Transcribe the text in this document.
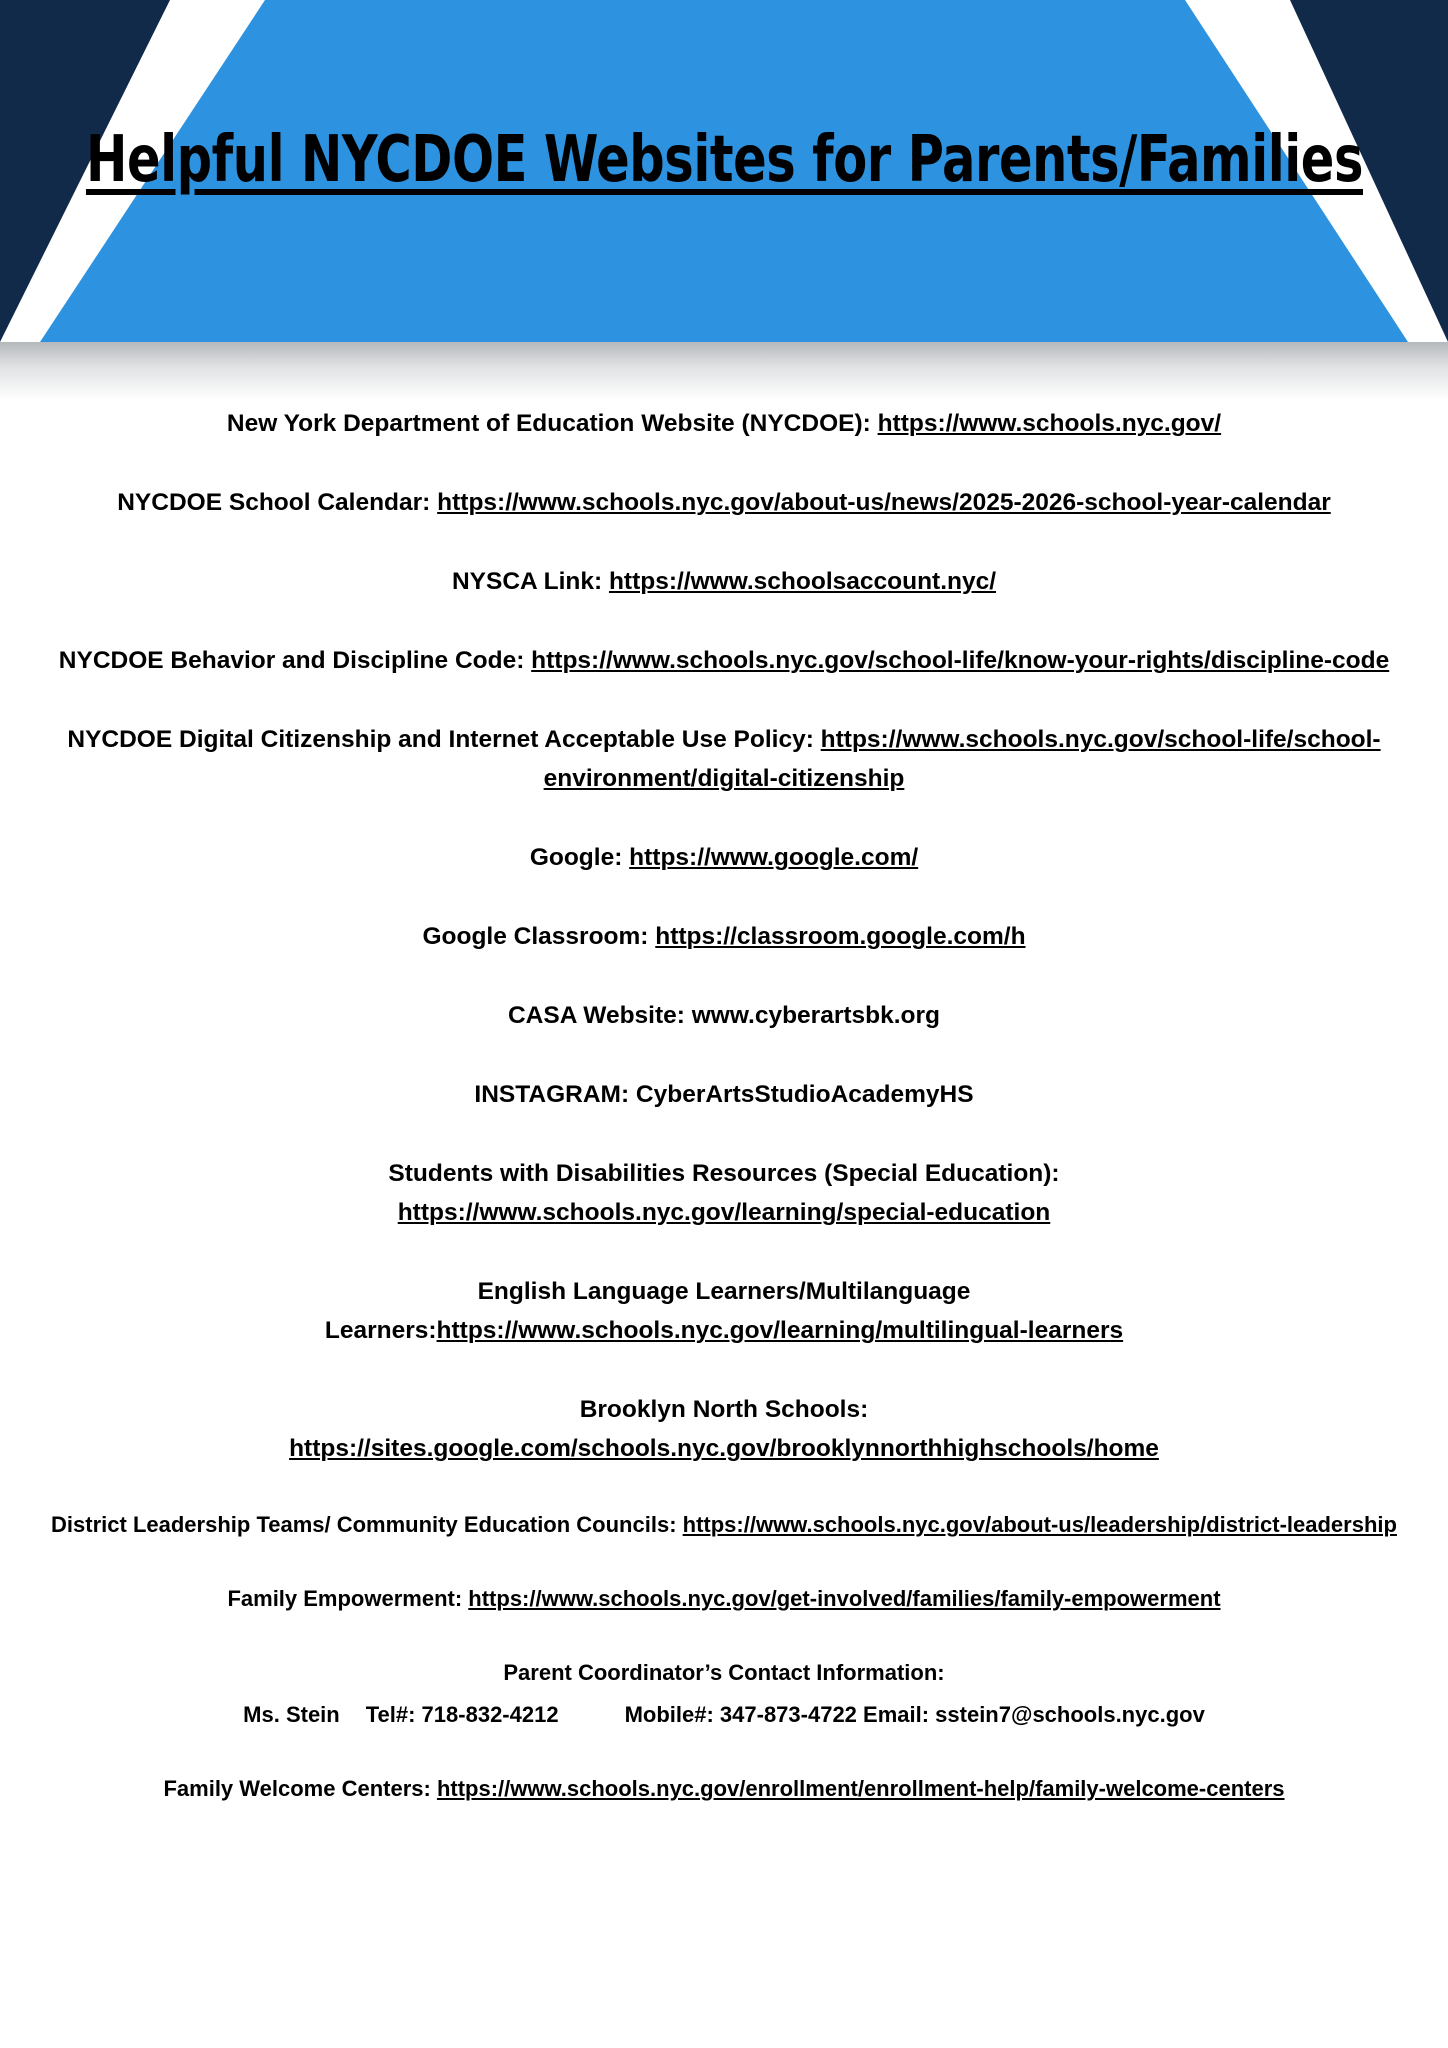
Helpful NYCDOE Websites for Parents/Families

New York Department of Education Website (NYCDOE): https://www.schools.nyc.gov/

NYCDOE School Calendar: https://www.schools.nyc.gov/about-us/news/2025-2026-school-year-calendar

NYSCA Link: https://www.schoolsaccount.nyc/

NYCDOE Behavior and Discipline Code: https://www.schools.nyc.gov/school-life/know-your-rights/discipline-code

NYCDOE Digital Citizenship and Internet Acceptable Use Policy: https://www.schools.nyc.gov/school-life/school-environment/digital-citizenship

Google: https://www.google.com/

Google Classroom: https://classroom.google.com/h

CASA Website: www.cyberartsbk.org

INSTAGRAM: CyberArtsStudioAcademyHS

Students with Disabilities Resources (Special Education):
https://www.schools.nyc.gov/learning/special-education

English Language Learners/Multilanguage
Learners:https://www.schools.nyc.gov/learning/multilingual-learners

Brooklyn North Schools:
https://sites.google.com/schools.nyc.gov/brooklynnorthhighschools/home

District Leadership Teams/ Community Education Councils: https://www.schools.nyc.gov/about-us/leadership/district-leadership

Family Empowerment: https://www.schools.nyc.gov/get-involved/families/family-empowerment

Parent Coordinator’s Contact Information:

Ms. Stein Tel#: 718-832-4212	Mobile#: 347-873-4722 Email: sstein7@schools.nyc.gov

Family Welcome Centers: https://www.schools.nyc.gov/enrollment/enrollment-help/family-welcome-centers
